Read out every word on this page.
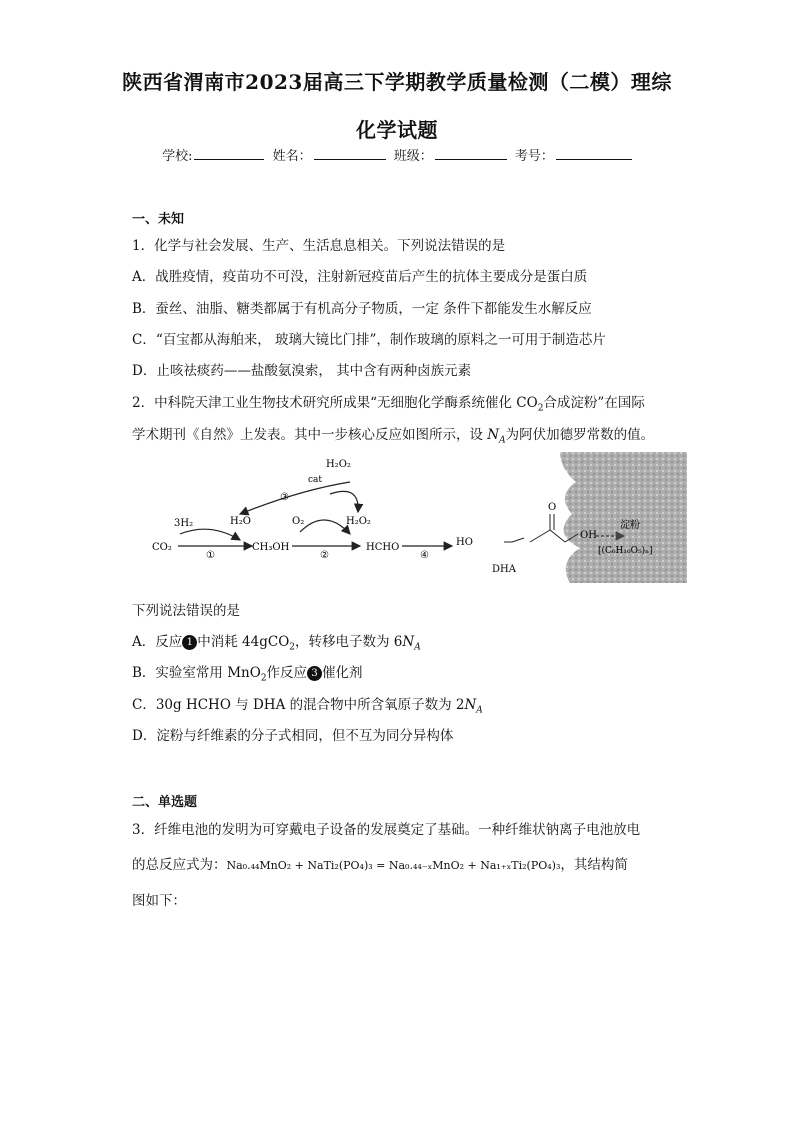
陕西省渭南市2023届高三下学期教学质量检测（二模）理综
化学试题
学校:	姓名：	班级：	考号：
一、未知
1．化学与社会发展、生产、生活息息相关。下列说法错误的是
A．战胜疫情，疫苗功不可没，注射新冠疫苗后产生的抗体主要成分是蛋白质
B．蚕丝、油脂、糖类都属于有机高分子物质，一定 条件下都能发生水解反应
C．“百宝都从海舶来， 玻璃大镜比门排”，制作玻璃的原料之一可用于制造芯片
D．止咳祛痰药——盐酸氨溴索， 其中含有两种卤族元素
2．中科院天津工业生物技术研究所成果“无细胞化学酶系统催化 $CO_2$合成淀粉”在国际
学术期刊《自然》上发表。其中一步核心反应如图所示，设 $N_A$为阿伏加德罗常数的值。
H₂O₂
cat
③
H₂O	O₂	H₂O₂
3H₂
CO₂
①
CH₃OH
②
HCHO
④
HO
O
OH
DHA
淀粉
[(C₆H₁₀O₅)ₙ]
下列说法错误的是
A．反应 1 中消耗 44gCO$_2$，转移电子数为 $6N_A$
B．实验室常用 MnO$_2$作反应 3 催化剂
C．30g HCHO 与 DHA 的混合物中所含氧原子数为 $2N_A$
D．淀粉与纤维素的分子式相同，但不互为同分异构体
二、单选题
3．纤维电池的发明为可穿戴电子设备的发展奠定了基础。一种纤维状钠离子电池放电
的总反应式为：Na₀.₄₄MnO₂ + NaTi₂(PO₄)₃ = Na₀.₄₄₋ₓMnO₂ + Na₁₊ₓTi₂(PO₄)₃，其结构简
图如下：
